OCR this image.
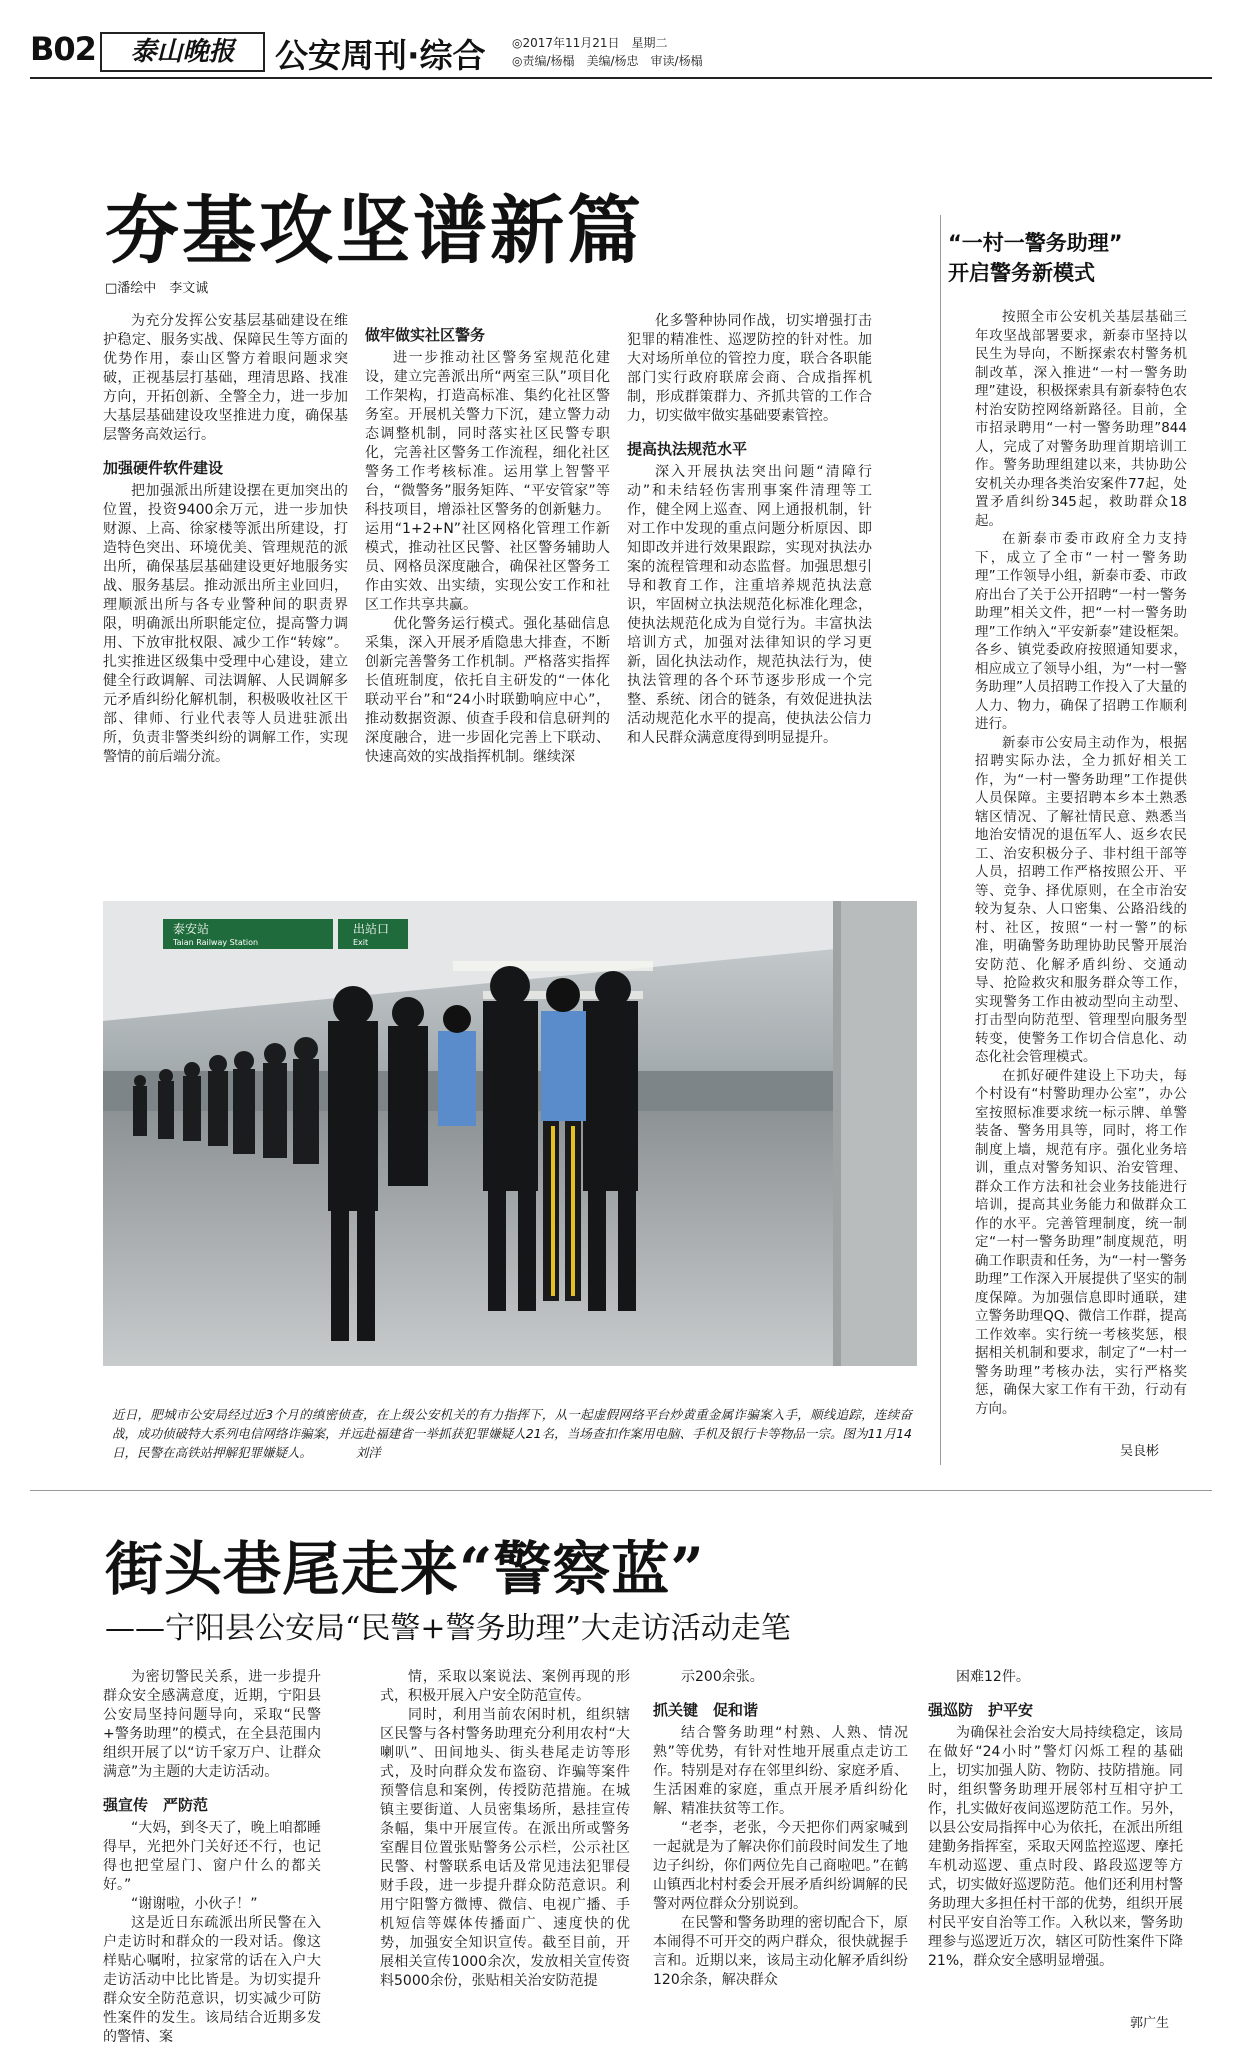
B02	泰山晚报	公安周刊·综合 ◎2017年11月21日　星期二
◎责编/杨榻　美编/杨忠　审读/杨榻
夯基攻坚谱新篇
□潘绘中　李文诚

为充分发挥公安基层基础建设在维护稳定、服务实战、保障民生等方面的优势作用，泰山区警方着眼问题求突破，正视基层打基础，理清思路、找准方向，开拓创新、全警全力，进一步加大基层基础建设攻坚推进力度，确保基层警务高效运行。

加强硬件软件建设

把加强派出所建设摆在更加突出的位置，投资9400余万元，进一步加快财源、上高、徐家楼等派出所建设，打造特色突出、环境优美、管理规范的派出所，确保基层基础建设更好地服务实战、服务基层。推动派出所主业回归，理顺派出所与各专业警种间的职责界限，明确派出所职能定位，提高警力调用、下放审批权限、减少工作“转嫁”。扎实推进区级集中受理中心建设，建立健全行政调解、司法调解、人民调解多元矛盾纠纷化解机制，积极吸收社区干部、律师、行业代表等人员进驻派出所，负责非警类纠纷的调解工作，实现警情的前后端分流。

做牢做实社区警务

进一步推动社区警务室规范化建设，建立完善派出所“两室三队”项目化工作架构，打造高标准、集约化社区警务室。开展机关警力下沉，建立警力动态调整机制，同时落实社区民警专职化，完善社区警务工作流程，细化社区警务工作考核标准。运用掌上智警平台，“微警务”服务矩阵、“平安管家”等科技项目，增添社区警务的创新魅力。运用“1+2+N”社区网格化管理工作新模式，推动社区民警、社区警务辅助人员、网格员深度融合，确保社区警务工作由实效、出实绩，实现公安工作和社区工作共享共赢。

优化警务运行模式。强化基础信息采集，深入开展矛盾隐患大排查，不断创新完善警务工作机制。严格落实指挥长值班制度，依托自主研发的“一体化联动平台”和“24小时联勤响应中心”，推动数据资源、侦查手段和信息研判的深度融合，进一步固化完善上下联动、快速高效的实战指挥机制。继续深

化多警种协同作战，切实增强打击犯罪的精准性、巡逻防控的针对性。加大对场所单位的管控力度，联合各职能部门实行政府联席会商、合成指挥机制，形成群策群力、齐抓共管的工作合力，切实做牢做实基础要素管控。

提高执法规范水平

深入开展执法突出问题“清障行动”和未结轻伤害刑事案件清理等工作，健全网上巡查、网上通报机制，针对工作中发现的重点问题分析原因、即知即改并进行效果跟踪，实现对执法办案的流程管理和动态监督。加强思想引导和教育工作，注重培养规范执法意识，牢固树立执法规范化标准化理念，使执法规范化成为自觉行为。丰富执法培训方式，加强对法律知识的学习更新，固化执法动作，规范执法行为，使执法管理的各个环节逐步形成一个完整、系统、闭合的链条，有效促进执法活动规范化水平的提高，使执法公信力和人民群众满意度得到明显提升。

“一村一警务助理”
开启警务新模式

按照全市公安机关基层基础三年攻坚战部署要求，新泰市坚持以民生为导向，不断探索农村警务机制改革，深入推进“一村一警务助理”建设，积极探索具有新泰特色农村治安防控网络新路径。目前，全市招录聘用“一村一警务助理”844人，完成了对警务助理首期培训工作。警务助理组建以来，共协助公安机关办理各类治安案件77起，处置矛盾纠纷345起，救助群众18起。

在新泰市委市政府全力支持下，成立了全市“一村一警务助理”工作领导小组，新泰市委、市政府出台了关于公开招聘“一村一警务助理”相关文件，把“一村一警务助理”工作纳入“平安新泰”建设框架。各乡、镇党委政府按照通知要求，相应成立了领导小组，为“一村一警务助理”人员招聘工作投入了大量的人力、物力，确保了招聘工作顺利进行。

新泰市公安局主动作为，根据招聘实际办法，全力抓好相关工作，为“一村一警务助理”工作提供人员保障。主要招聘本乡本土熟悉辖区情况、了解社情民意、熟悉当地治安情况的退伍军人、返乡农民工、治安积极分子、非村组干部等人员，招聘工作严格按照公开、平等、竞争、择优原则，在全市治安较为复杂、人口密集、公路沿线的村、社区，按照“一村一警”的标准，明确警务助理协助民警开展治安防范、化解矛盾纠纷、交通动导、抢险救灾和服务群众等工作，实现警务工作由被动型向主动型、打击型向防范型、管理型向服务型转变，使警务工作切合信息化、动态化社会管理模式。

在抓好硬件建设上下功夫，每个村设有“村警助理办公室”，办公室按照标准要求统一标示牌、单警装备、警务用具等，同时，将工作制度上墙，规范有序。强化业务培训，重点对警务知识、治安管理、群众工作方法和社会业务技能进行培训，提高其业务能力和做群众工作的水平。完善管理制度，统一制定“一村一警务助理”制度规范，明确工作职责和任务，为“一村一警务助理”工作深入开展提供了坚实的制度保障。为加强信息即时通联，建立警务助理QQ、微信工作群，提高工作效率。实行统一考核奖惩，根据相关机制和要求，制定了“一村一警务助理”考核办法，实行严格奖惩，确保大家工作有干劲，行动有方向。

吴良彬
泰安站
Taian Railway Station
出站口
Exit
近日，肥城市公安局经过近3个月的缜密侦查，在上级公安机关的有力指挥下，从一起虚假网络平台炒黄重金属诈骗案入手，顺线追踪，连续奋战，成功侦破特大系列电信网络诈骗案，并远赴福建省一举抓获犯罪嫌疑人21名，当场查扣作案用电脑、手机及银行卡等物品一宗。图为11月14日，民警在高铁站押解犯罪嫌疑人。　　　　刘洋
街头巷尾走来“警察蓝”
——宁阳县公安局“民警+警务助理”大走访活动走笔

为密切警民关系，进一步提升群众安全感满意度，近期，宁阳县公安局坚持问题导向，采取“民警+警务助理”的模式，在全县范围内组织开展了以“访千家万户、让群众满意”为主题的大走访活动。

强宣传　严防范

“大妈，到冬天了，晚上咱都睡得早，光把外门关好还不行，也记得也把堂屋门、窗户什么的都关好。”

“谢谢啦，小伙子！”

这是近日东疏派出所民警在入户走访时和群众的一段对话。像这样贴心嘱咐，拉家常的话在入户大走访活动中比比皆是。为切实提升群众安全防范意识，切实减少可防性案件的发生。该局结合近期多发的警情、案

情，采取以案说法、案例再现的形式，积极开展入户安全防范宣传。

同时，利用当前农闲时机，组织辖区民警与各村警务助理充分利用农村“大喇叭”、田间地头、街头巷尾走访等形式，及时向群众发布盗窃、诈骗等案件预警信息和案例，传授防范措施。在城镇主要街道、人员密集场所，悬挂宣传条幅，集中开展宣传。在派出所或警务室醒目位置张贴警务公示栏，公示社区民警、村警联系电话及常见违法犯罪侵财手段，进一步提升群众防范意识。利用宁阳警方微博、微信、电视广播、手机短信等媒体传播面广、速度快的优势，加强安全知识宣传。截至目前，开展相关宣传1000余次，发放相关宣传资料5000余份，张贴相关治安防范提

示200余张。

抓关键　促和谐

结合警务助理“村熟、人熟、情况熟”等优势，有针对性地开展重点走访工作。特别是对存在邻里纠纷、家庭矛盾、生活困难的家庭，重点开展矛盾纠纷化解、精准扶贫等工作。

“老李，老张，今天把你们两家喊到一起就是为了解决你们前段时间发生了地边子纠纷，你们两位先自己商啦吧。”在鹤山镇西北村村委会开展矛盾纠纷调解的民警对两位群众分别说到。

在民警和警务助理的密切配合下，原本闹得不可开交的两户群众，很快就握手言和。近期以来，该局主动化解矛盾纠纷120余条，解决群众

困难12件。

强巡防　护平安

为确保社会治安大局持续稳定，该局在做好“24小时”警灯闪烁工程的基础上，切实加强人防、物防、技防措施。同时，组织警务助理开展邻村互相守护工作，扎实做好夜间巡逻防范工作。另外，以县公安局指挥中心为依托，在派出所组建勤务指挥室，采取天网监控巡逻、摩托车机动巡逻、重点时段、路段巡逻等方式，切实做好巡逻防范。他们还利用村警务助理大多担任村干部的优势，组织开展村民平安自治等工作。入秋以来，警务助理参与巡逻近万次，辖区可防性案件下降21%，群众安全感明显增强。

郭广生
